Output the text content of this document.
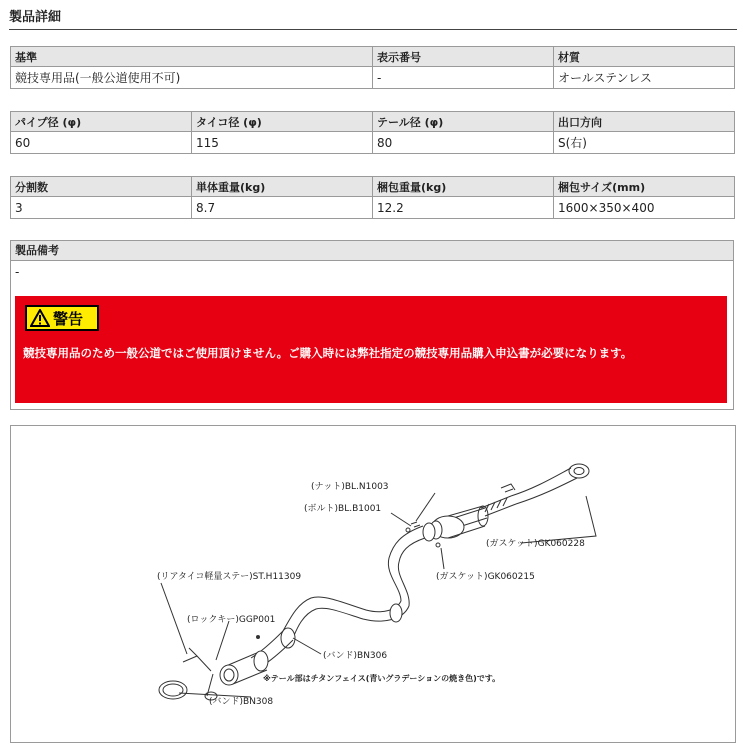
製品詳細
基準	表示番号	材質
競技専用品(一般公道使用不可)	-	オールステンレス
パイプ径 (φ)	タイコ径 (φ)	テール径 (φ)	出口方向
60	115	80	S(右)
分割数	単体重量(kg)	梱包重量(kg)	梱包サイズ(mm)
3	8.7	12.2	1600×350×400
製品備考
-
警告
競技専用品のため一般公道ではご使用頂けません。ご購入時には弊社指定の競技専用品購入申込書が必要になります。
(ナット)BL.N1003
(ボルト)BL.B1001
(ガスケット)GK060228
(ガスケット)GK060215
(リアタイコ軽量ステー)ST.H11309
(ロックキー)GGP001
(バンド)BN306
(バンド)BN308
※テール部はチタンフェイス(青いグラデーションの焼き色)です。
